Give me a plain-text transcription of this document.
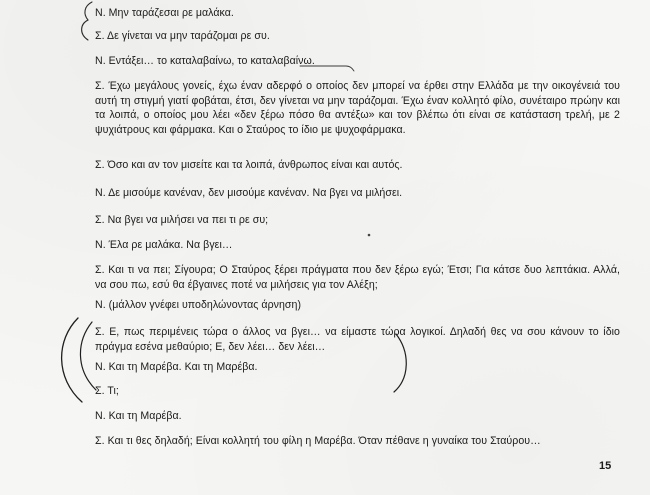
Ν. Μην ταράζεσαι ρε μαλάκα.

Σ. Δε γίνεται να μην ταράζομαι ρε συ.

Ν. Εντάξει… το καταλαβαίνω, το καταλαβαίνω.

Σ. Έχω μεγάλους γονείς, έχω έναν αδερφό ο οποίος δεν μπορεί να έρθει στην Ελλάδα με την οικογένειά του αυτή τη στιγμή γιατί φοβάται, έτσι, δεν γίνεται να μην ταράζομαι. Έχω έναν κολλητό φίλο, συνέταιρο πρώην και τα λοιπά, ο οποίος μου λέει «δεν ξέρω πόσο θα αντέξω» και τον βλέπω ότι είναι σε κατάσταση τρελή, με 2 ψυχιάτρους και φάρμακα. Και ο Σταύρος το ίδιο με ψυχοφάρμακα.

Σ. Όσο και αν τον μισείτε και τα λοιπά, άνθρωπος είναι και αυτός.

Ν. Δε μισούμε κανέναν, δεν μισούμε κανέναν. Να βγει να μιλήσει.

Σ. Να βγει να μιλήσει να πει τι ρε συ;

Ν. Έλα ρε μαλάκα. Να βγει…

Σ. Και τι να πει; Σίγουρα; Ο Σταύρος ξέρει πράγματα που δεν ξέρω εγώ; Έτσι; Για κάτσε δυο λεπτάκια. Αλλά, να σου πω, εσύ θα έβγαινες ποτέ να μιλήσεις για τον Αλέξη;

Ν. (μάλλον γνέφει υποδηλώνοντας άρνηση)

Σ. Ε, πως περιμένεις τώρα ο άλλος να βγει… να είμαστε τώρα λογικοί. Δηλαδή θες να σου κάνουν το ίδιο πράγμα εσένα μεθαύριο; Ε, δεν λέει… δεν λέει…

Ν. Και τη Μαρέβα. Και τη Μαρέβα.

Σ. Τι;

Ν. Και τη Μαρέβα.

Σ. Και τι θες δηλαδή; Είναι κολλητή του φίλη η Μαρέβα. Όταν πέθανε η γυναίκα του Σταύρου…

15
